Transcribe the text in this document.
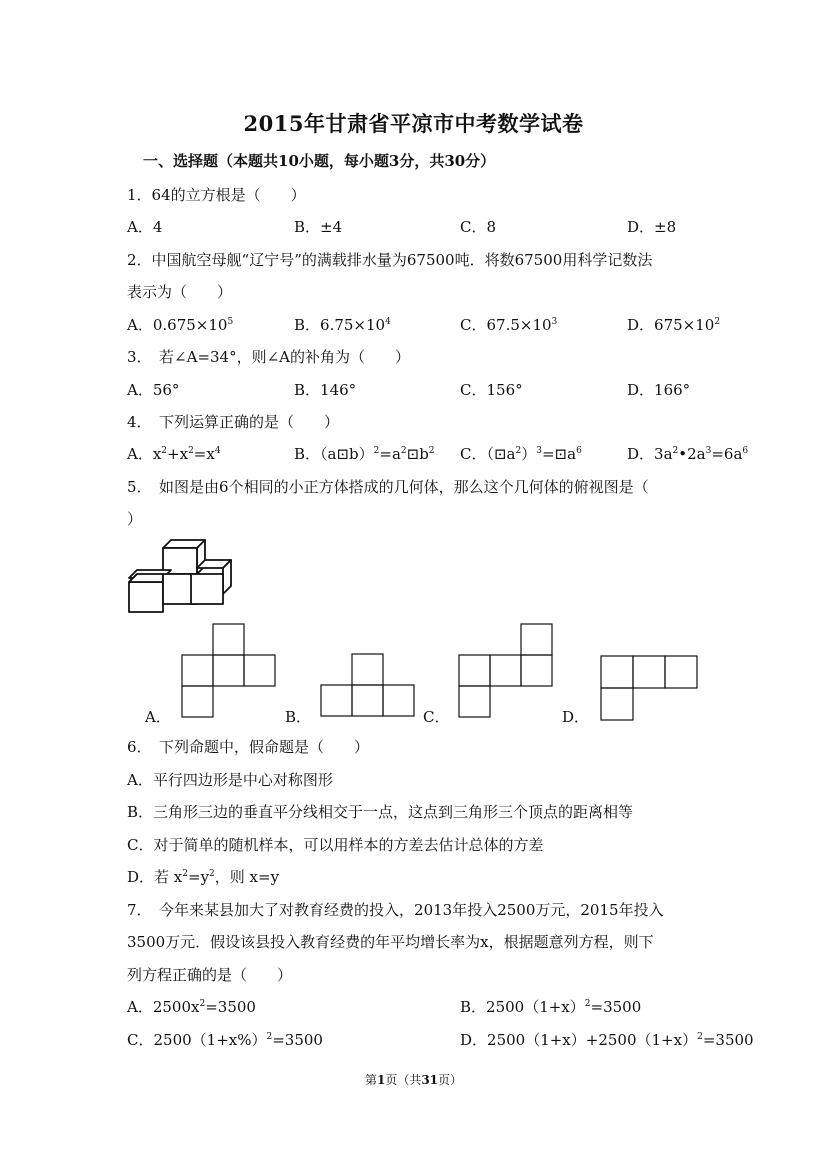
2015年甘肃省平凉市中考数学试卷
一、选择题（本题共10小题，每小题3分，共30分）
1．64的立方根是（　　）
A．4	B．±4	C．8	D．±8
2．中国航空母舰“辽宁号”的满载排水量为67500吨．将数67500用科学记数法
表示为（　　）
A．$0.675\times 10^5$	B．$6.75\times 10^4$	C．$67.5\times 10^3$	D．$675\times 10^2$
3．　若∠A=34°，则∠A的补角为（　　）
A．56°	B．146°	C．156°	D．166°
4．　下列运算正确的是（　　）
A．$x^2+x^2=x^4$	B．$(a⊡b)^2=a^2⊡b^2$ C．$(⊡a^2)^3=⊡a^6$	D．$3a^2•2a^3=6a^6$
5．　如图是由6个相同的小正方体搭成的几何体，那么这个几何体的俯视图是（
）
A．	B．	C．	D．
6．　下列命题中，假命题是（　　）
A．平行四边形是中心对称图形
B．三角形三边的垂直平分线相交于一点，这点到三角形三个顶点的距离相等
C．对于简单的随机样本，可以用样本的方差去估计总体的方差
D．若 $x^2=y^2$，则 x=y
7．　今年来某县加大了对教育经费的投入，2013年投入2500万元，2015年投入
3500万元．假设该县投入教育经费的年平均增长率为x，根据题意列方程，则下
列方程正确的是（　　）
A．$2500x^2=3500$	B．$2500(1+x)^2=3500$
C．$2500(1+x\%)^2=3500$	D．$2500(1+x)+2500(1+x)^2=3500$
第1页（共31页）
